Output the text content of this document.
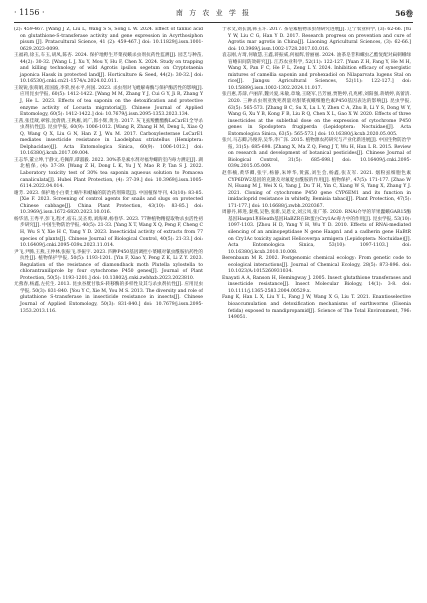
· 1156 ·	南 方 农 业 学 报	56卷

(2): 459-467. [Wang J Z, Liu L, Wang S S, Song L W. 2024. Effect of tannic acid on glutathione-S-transferase activity and gene expression in Acyrthosiphon pisum [J]. Pratacultural Science, 41 (2): 459-467.] doi: 10.11829/j.issn.1001-0629.2023-0099.

王福莉,徐玉,车玉,胡凤,陈杏. 2024. 保护地野生芹菜夜蛾杀虫剂抗药性监测[J]. 园艺与种苗, 44(2): 30-32. [Wang L J, Xu Y, Mou Y, Hu F, Chen X. 2024. Study on trapping and killing technology of wild Agrotis ipsilon segetum on Cryptotaenia japonica Hassk in protected land[J]. Horticulture & Seed, 44(2): 30-32.] doi: 10.16530/j.cnki.cn21-1574/s.2024.02.011.

王锐锐,张萌娟,崔国波,李荣,侯永平,何国. 2023. 杀虫剂对飞蝗解毒酶与保护酶活性的影响[J]. 应用昆虫学报, 60(5): 1412-1422. [Wang M M, Zhang Y J, Cui G Y, Ji R, Zhang Y J, He L. 2023. Effects of tea saponin on the detoxification and protective enzyme activity of Locusta migratoria[J]. Chinese Journal of Applied Entomology, 60(5): 1412-1422.] doi: 10.7679/j.issn.2095-1353.2023.134.

王茜,张佳葳,翠蓉,沈倩倩,王秋雁,刘广,郎小辉,黄为. 2017. 灰飞虱羧酸酯酶LsCarE1全导杀虫剂抗性[J]. 昆虫学报, 60(9): 1006-1012. [Wang R, Zhang H M, Deng L, Xiao Q Q, Wang Q X, Liu G N, Han Z J, Wu M. 2017. Carboxylesterase LsCarE1 mediates insecticide resistance in Laodelphax striatellus (Hemiptera: Delphacidae)[J]. Acta Entomologica Sinica, 60(9): 1006-1012.] doi: 10.16380/j.kcxb.2017.09.004.

王志华,董立坤,于静文,毛佩萍,谭淑毅. 2022. 30%茶皂素水剂对福寿螺的室内毒力测定[J]. 湖北植保, (4): 37-39. [Wang Z H, Dong L K, Yu J Y, Mao R P, Tan S J. 2022. Laboratory toxicity test of 30% tea saponin aqueous solution to Pomacea canaliculata[J]. Hubei Plant Protection, (4): 37-39.] doi: 10.3969/j.issn.1005-6114.2022.04.014.

谢芳. 2023. 保护地小白菜土蜗牛和蛞蝓的防治药剂筛选[J]. 中国植保导刊, 43(10): 83-85. [Xie F. 2023. Screening of control agents for snails and slugs on protected Chinese cabbage[J]. China Plant Protection, 43(10): 83-85.] doi: 10.3969/j.issn.1672-6820.2023.10.016.

杨华清,王秀平,彭飞,程才,宿石,吴圣勇,刘海翠,杨春华. 2023. 77种植物精提取物杀虫活性初步研究[J]. 中国生物防治学报, 40(5): 21-33. [Yang X T, Wang X Q, Peng F, Cheng C H, Wu S Y, Xie H C, Yang Y D. 2023. Insecticidal activity of extracts from 77 species of plants[J]. Chinese Journal of Biological Control, 40(5): 21-33.] doi: 10.16409/j.cnki.2095-039x.2023.11.014.

尹飞,尹腾,王燕,王仲林,张振飞,李振宇. 2023. 四种P450基因调控小菜蛾对氰虫酰胺抗药性的抗性[J]. 植物保护学报, 50(5): 1193-1201. [Yin F, Xiao Y, Peng Z K, Li Z Y. 2023. Regulation of the resistance of diamondback moth Plutella xylostella to chlorantraniliprole by four cytochrome P450 genes[J]. Journal of Plant Protection, 50(5): 1193-1201.] doi: 10.13802/j.cnki.zwbhxb.2023.2023810.

尤燕春,杨鑫,左托生. 2013. 昆虫谷胱甘肽S-转移酶的多样性及其与杀虫剂抗性[J]. 应用昆虫学报, 50(3): 831-840. [You Y C, Xie M, You M S. 2013. The diversity and role of glutathione S-transferase in insecticide resistance in insects[J]. Chinese Journal of Applied Entomology, 50(3): 831-840.] doi: 10.7679/j.issn.2095-1353.2013.116.

于永文,刘长润,韩玉斗. 2017. 茶皂素植物杀虫剂研究进展[J]. 辽宁农业科学, (3): 62-66. [Yu Y W, Liu C G, Han Y D. 2017. Research progress on prevention and cure of Agrotis mar agrotis in China[J]. Liaoning Agricultural Sciences, (3): 62-66.] doi: 10.3969/j.issn.1002-1728.2017.03.016.

袁志刚,方琦,何敏慧,王鑫,蒋振威,何福辉,曾丽丽. 2024. 油茶皂苷和螺虫乙酯复配对扁刺蛾绿盲蝽田间防效研究[J]. 江苏农业科学, 52(11): 122-127. [Yuan Z H, Fang Y, He M H, Wang X, Pan F C, He F L, Zeng L Y. 2024. Inhibition efficacy of synergistic mixtures of camellia saponin and prohexadiol on Nilaparvata lugens Stal on rice[J]. Jiangsu Agricultural Sciences, 52(11): 122-127.] doi: 10.15889/j.issn.1002-1302.2024.11.017.

张百惠,苏薛,卢丽萍,魏兴爱,朱敏,章瑜,王晓军,吕芳丽,贾艳婷,孔兆彬,刘阳强,蒋婧婷,高蕾清. 2020. 三种杀虫剂亚致死剂量对甜菜夜蛾细胞色素P450基因表达的影响[J]. 昆虫学报, 63(5): 565-573. [Zhang B C, Su X, Lu L Y, Zhen C A, Zhu B, Li Y S, Dong W Y, Wang G, Xu Y B, Kong F B, Liu R Q, Chen X L, Gao X W. 2020. Effects of three insecticides at the sublethal dose on the expression of cytochrome P450 genes in Spodoptera frugiperda (Lepidoptera: Noctuidae)[J]. Acta Entomologica Sinica, 63(5): 565-573.] doi: 10.16380/j.kcxb.2020.05.005.

张兴,马志卿,冯俊涛,吴华,李广泽. 2015. 植物源农药研究与产业化新进展[J]. 中国生物防治学报, 31(5): 685-698. [Zhang X, Ma Z Q, Feng J T, Wu H, Han L R. 2015. Review on research and development of botanical pesticides[J]. Chinese Journal of Biological Control, 31(5): 685-698.] doi: 10.16409/j.cnki.2095-039x.2015.05.009.

赵伟楠,黄华卿,张宇,杨静,朱坤华,黄露,刘生会,杨鑫,张友军. 2021. 烟粉虱细胞色素CYP6DW2基因的克隆及对氟啶虫酰胺的作用[J]. 植物保护, 47(5): 171-177. [Zhao W N, Huang M J, Wei X G, Yang J, Du T H, Yin C, Xiang W S, Yang X, Zhang Y J. 2021. Cloning of cytochrome P450 gene CYP6EM1 and its function in imidacloprid resistance in whitefly, Bemisia tabaci[J]. Plant Protection, 47(5): 171-177.] doi: 10.16688/j.zwbh.2020367.

周静丹,韩进,秦燕,吴艳,张新,吴恩文,刘云凤,张广茶. 2020. RNAi介导的苹果蠹蛾GAR15酶基因Haspn1和Heath基因HaBZR在Bt蛋白Cry1Ac毒力中的作用[J]. 昆虫学报, 53(10): 1097-1103. [Zhou H D, Yang Y H, Wu Y D. 2010. Effects of RNAi-mediated silencing of an aminopeptidase N gene Haapn1 and a cadherin gene HaBtR on Cry1Ac toxicity against Helicoverpa armigera (Lepidoptera: Noctuidae)[J]. Acta Entomologica Sinica, 53(10): 1097-1103.] doi: 10.16380/j.kcxb.2010.10.008.

Berenbaum M R. 2002. Postgenomic chemical ecology: From genetic code to ecological interactions[J]. Journal of Chemical Ecology, 28(5): 873-896. doi: 10.1023/A:1015260931034.

Enayati A A, Ranson H, Hemingway J. 2005. Insect glutathione transferases and insecticide resistance[J]. Insect Molecular Biology, 14(1): 3-8. doi: 10.1111/j.1365-2583.2004.00529.x.

Fang K, Han L X, Liu Y L, Fang J W, Wang X G, Liu T. 2021. Enantioselective bioaccumulation and detoxification mechanisms of earthworms (Eisenia fetida) exposed to mandipropamid[J]. Science of The Total Environment, 796: 149051.
